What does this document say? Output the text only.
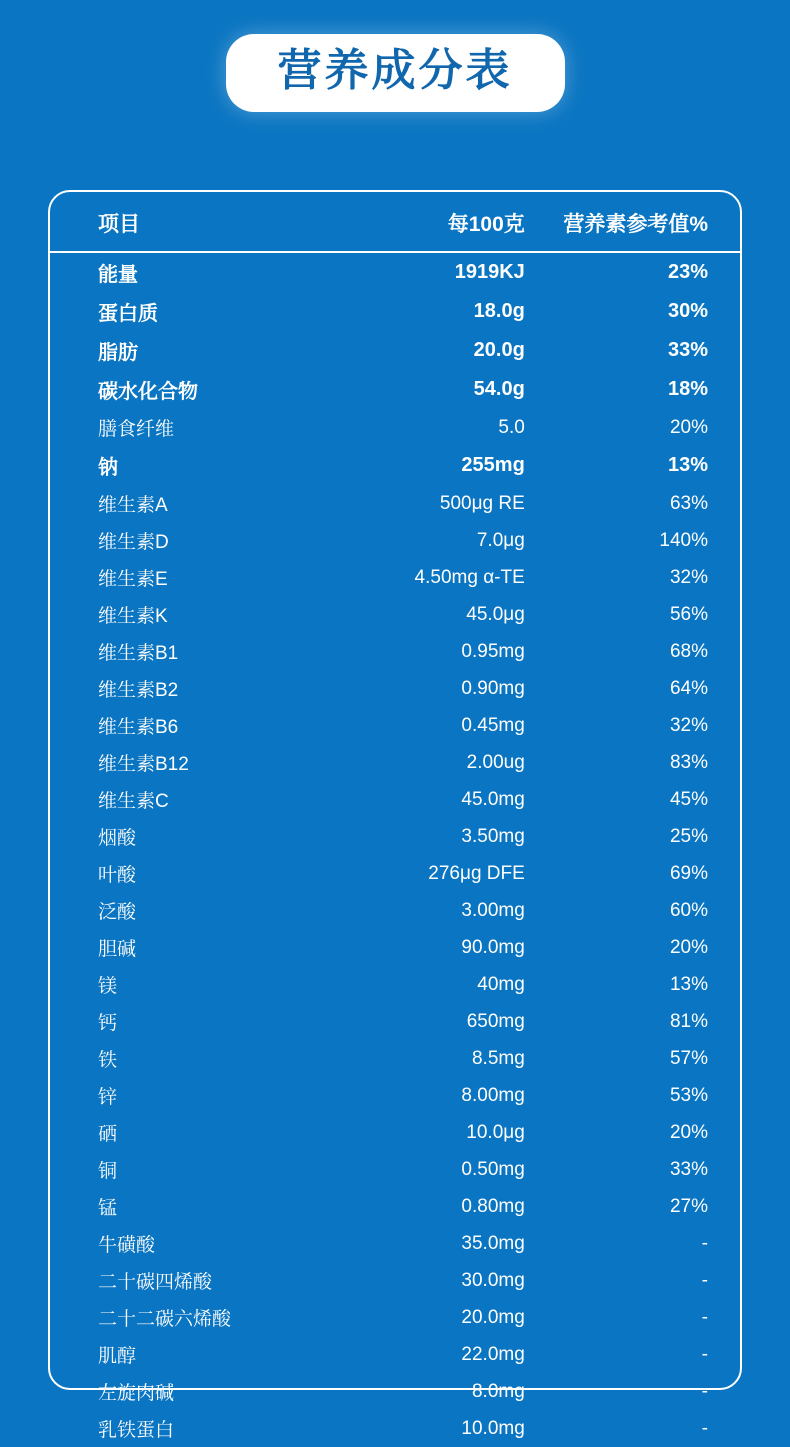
营养成分表
项目	每100克	营养素参考值%
能量	1919KJ	23%
蛋白质	18.0g	30%
脂肪	20.0g	33%
碳水化合物	54.0g	18%
膳食纤维	5.0	20%
钠	255mg	13%
维生素A	500μg RE	63%
维生素D	7.0μg	140%
维生素E	4.50mg α-TE	32%
维生素K	45.0μg	56%
维生素B1	0.95mg	68%
维生素B2	0.90mg	64%
维生素B6	0.45mg	32%
维生素B12	2.00ug	83%
维生素C	45.0mg	45%
烟酸	3.50mg	25%
叶酸	276μg DFE	69%
泛酸	3.00mg	60%
胆碱	90.0mg	20%
镁	40mg	13%
钙	650mg	81%
铁	8.5mg	57%
锌	8.00mg	53%
硒	10.0μg	20%
铜	0.50mg	33%
锰	0.80mg	27%
牛磺酸	35.0mg	-
二十碳四烯酸	30.0mg	-
二十二碳六烯酸	20.0mg	-
肌醇	22.0mg	-
左旋肉碱	8.0mg	-
乳铁蛋白	10.0mg	-
